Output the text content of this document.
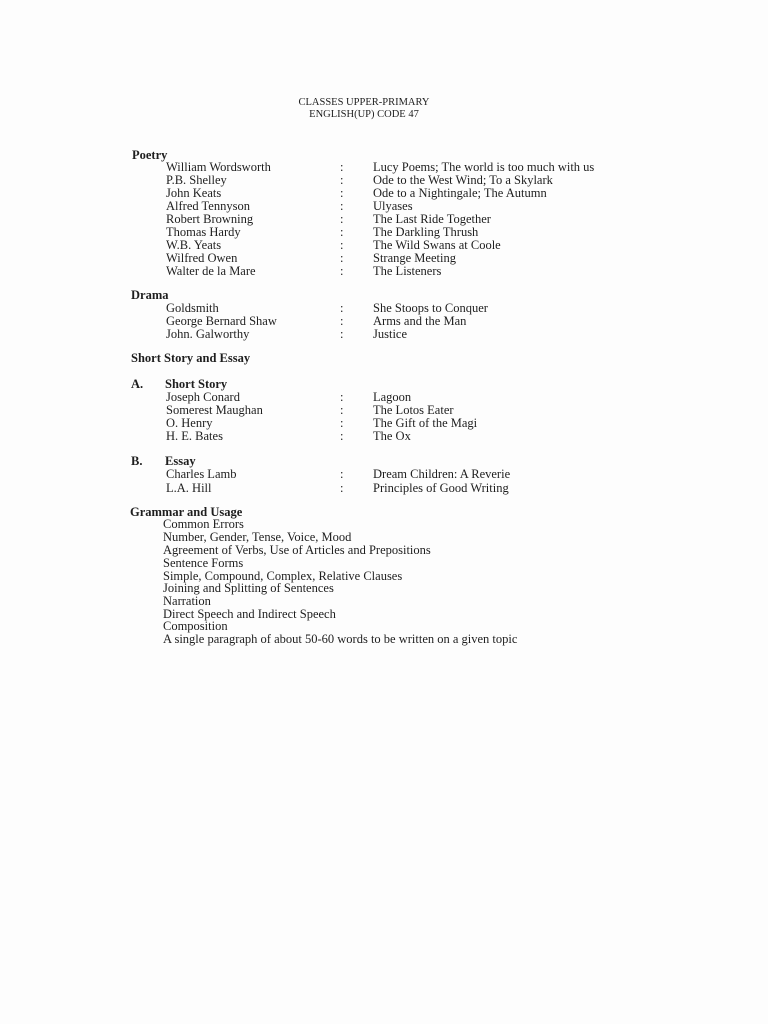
CLASSES UPPER-PRIMARY
ENGLISH(UP) CODE 47
Poetry
William Wordsworth	: Lucy Poems; The world is too much with us
P.B. Shelley	: Ode to the West Wind; To a Skylark
John Keats	: Ode to a Nightingale; The Autumn
Alfred Tennyson	: Ulyases
Robert Browning	: The Last Ride Together
Thomas Hardy	: The Darkling Thrush
W.B. Yeats	: The Wild Swans at Coole
Wilfred Owen	: Strange Meeting
Walter de la Mare	: The Listeners
Drama
Goldsmith	: She Stoops to Conquer
George Bernard Shaw	: Arms and the Man
John. Galworthy	: Justice
Short Story and Essay
A. Short Story
Joseph Conard	: Lagoon
Somerest Maughan	: The Lotos Eater
O. Henry	: The Gift of the Magi
H. E. Bates	: The Ox
B. Essay
Charles Lamb	: Dream Children: A Reverie
L.A. Hill	: Principles of Good Writing
Grammar and Usage
Common Errors
Number, Gender, Tense, Voice, Mood
Agreement of Verbs, Use of Articles and Prepositions
Sentence Forms
Simple, Compound, Complex, Relative Clauses
Joining and Splitting of Sentences
Narration
Direct Speech and Indirect Speech
Composition
A single paragraph of about 50-60 words to be written on a given topic
